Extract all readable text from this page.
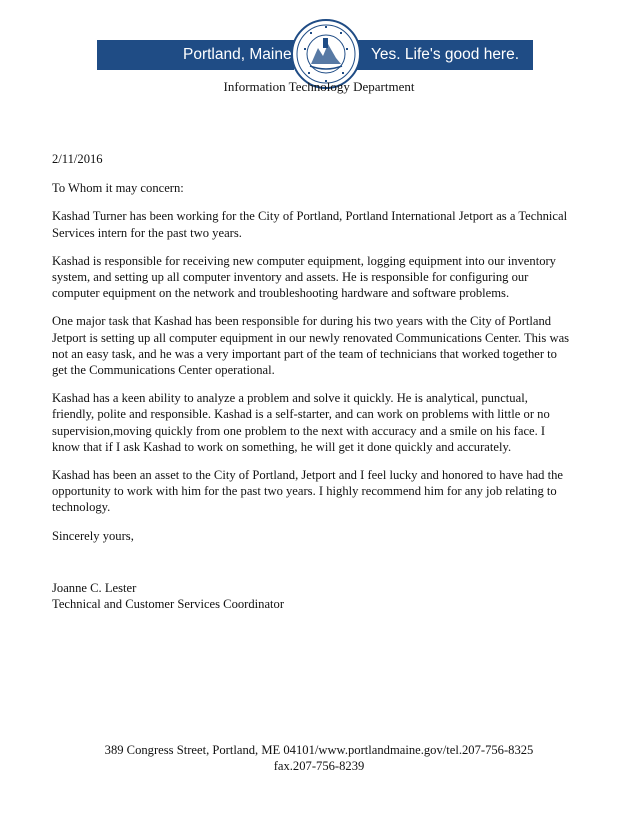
Portland, Maine	Yes. Life's good here.
Information Technology Department

2/11/2016

To Whom it may concern:

Kashad Turner has been working for the City of Portland, Portland International Jetport as a Technical Services intern for the past two years.

Kashad is responsible for receiving new computer equipment, logging equipment into our inventory system, and setting up all computer inventory and assets. He is responsible for configuring our computer equipment on the network and troubleshooting hardware and software problems.

One major task that Kashad has been responsible for during his two years with the City of Portland Jetport is setting up all computer equipment in our newly renovated Communications Center. This was not an easy task, and he was a very important part of the team of technicians that worked together to get the Communications Center operational.

Kashad has a keen ability to analyze a problem and solve it quickly. He is analytical, punctual, friendly, polite and responsible. Kashad is a self-starter, and can work on problems with little or no supervision,moving quickly from one problem to the next with accuracy and a smile on his face. I know that if I ask Kashad to work on something, he will get it done quickly and accurately.

Kashad has been an asset to the City of Portland, Jetport and I feel lucky and honored to have had the opportunity to work with him for the past two years. I highly recommend him for any job relating to technology.

Sincerely yours,

Joanne C. Lester
Technical and Customer Services Coordinator
389 Congress Street, Portland, ME 04101/www.portlandmaine.gov/tel.207-756-8325
fax.207-756-8239
